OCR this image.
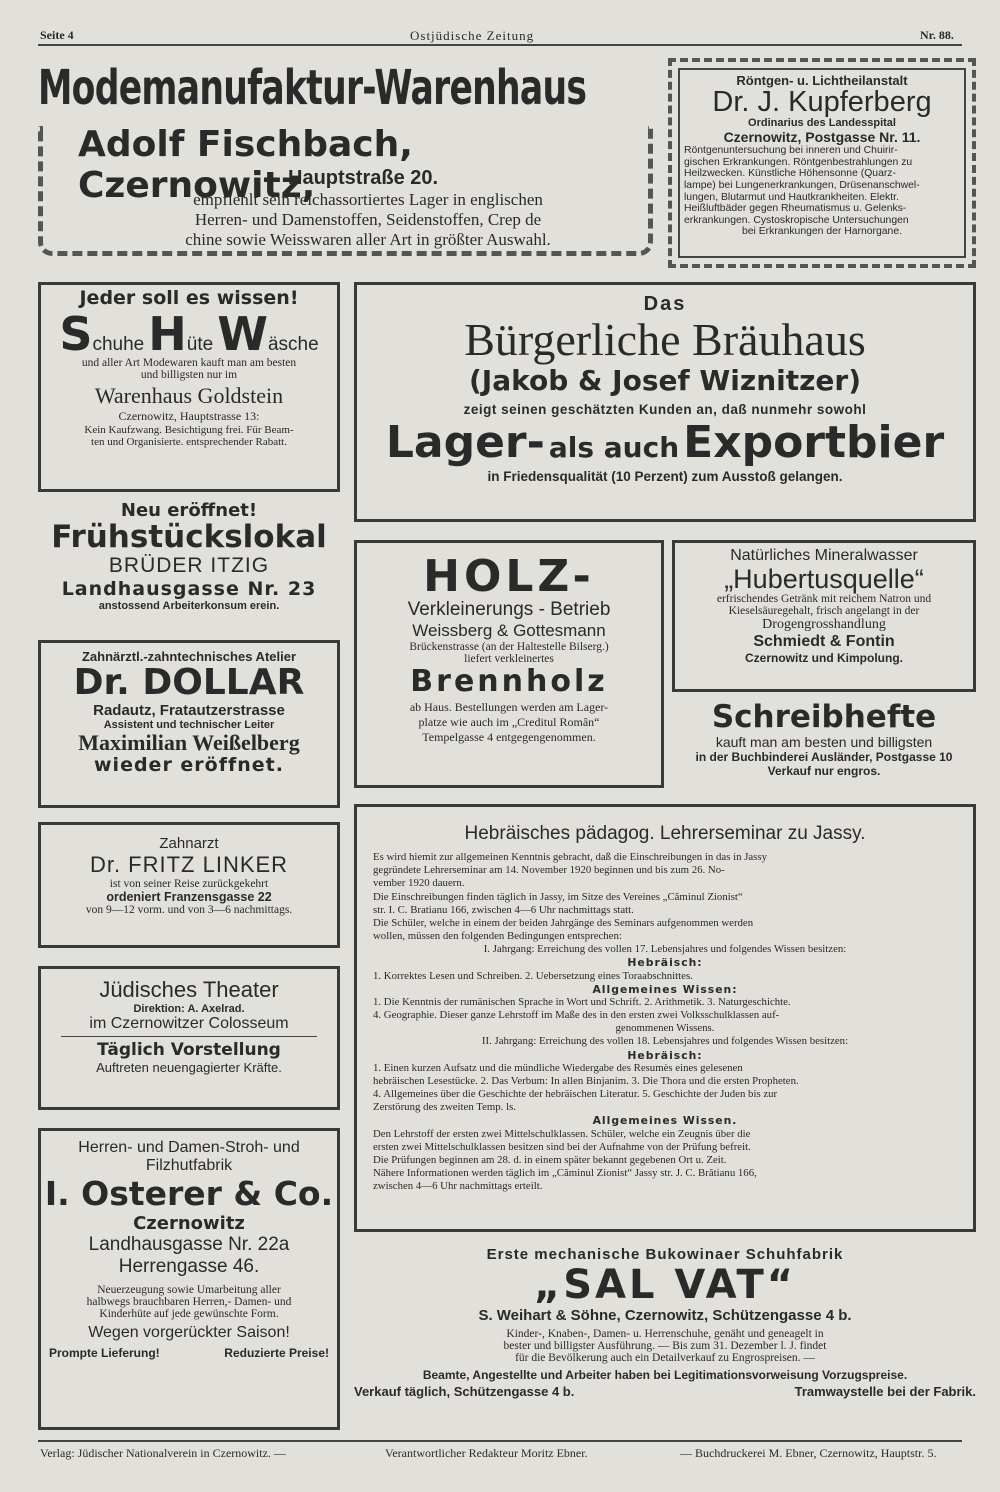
Seite 4	Ostjüdische Zeitung	Nr. 88.
Modemanufaktur-Warenhaus
Adolf Fischbach, Czernowitz,
Hauptstraße 20.
empfiehlt sein reichassortiertes Lager in englischen
Herren- und Damenstoffen, Seidenstoffen, Crep de
chine sowie Weisswaren aller Art in größter Auswahl.
Röntgen- u. Lichtheilanstalt
Dr. J. Kupferberg
Ordinarius des Landesspital
Czernowitz, Postgasse Nr. 11.
Röntgenuntersuchung bei inneren und Chuirir-
gischen Erkrankungen. Röntgenbestrahlungen zu
Heilzwecken. Künstliche Höhensonne (Quarz-
lampe) bei Lungenerkrankungen, Drüsenanschwel-
lungen, Blutarmut und Hautkrankheiten. Elektr.
Heißluftbäder gegen Rheumatismus u. Gelenks-
erkrankungen. Cystoskropische Untersuchungen
bei Erkrankungen der Harnorgane.
Jeder soll es wissen!
Schuhe Hüte Wäsche
und aller Art Modewaren kauft man am besten
und billigsten nur im
Warenhaus Goldstein
Czernowitz, Hauptstrasse 13:
Kein Kaufzwang. Besichtigung frei. Für Beam-
ten und Organisierte. entsprechender Rabatt.
Das
Bürgerliche Bräuhaus
(Jakob & Josef Wiznitzer)
zeigt seinen geschätzten Kunden an, daß nunmehr sowohl
Lager- als auch Exportbier
in Friedensqualität (10 Perzent) zum Ausstoß gelangen.
Neu eröffnet!
Frühstückslokal
BRÜDER ITZIG
Landhausgasse Nr. 23
anstossend Arbeiterkonsum erein.
Zahnärztl.-zahntechnisches Atelier
Dr. DOLLAR
Radautz, Fratautzerstrasse
Assistent und technischer Leiter
Maximilian Weißelberg
wieder eröffnet.
HOLZ-
Verkleinerungs - Betrieb
Weissberg & Gottesmann
Brückenstrasse (an der Haltestelle Bilserg.)
liefert verkleinertes
Brennholz
ab Haus. Bestellungen werden am Lager-
platze wie auch im „Creditul Român“
Tempelgasse 4 entgegengenommen.
Natürliches Mineralwasser
„Hubertusquelle“
erfrischendes Getränk mit reichem Natron und
Kieselsäuregehalt, frisch angelangt in der
Drogengrosshandlung
Schmiedt & Fontin
Czernowitz und Kimpolung.
Schreibhefte
kauft man am besten und billigsten
in der Buchbinderei Ausländer, Postgasse 10
Verkauf nur engros.
Zahnarzt
Dr. FRITZ LINKER
ist von seiner Reise zurückgekehrt
ordeniert Franzensgasse 22
von 9—12 vorm. und von 3—6 nachmittags.
Hebräisches pädagog. Lehrerseminar zu Jassy.
Es wird hiemit zur allgemeinen Kenntnis gebracht, daß die Einschreibungen in das in Jassy
gegründete Lehrerseminar am 14. November 1920 beginnen und bis zum 26. No-
vember 1920 dauern.
Die Einschreibungen finden täglich in Jassy, im Sitze des Vereines „Căminul Zionist“
str. I. C. Bratianu 166, zwischen 4—6 Uhr nachmittags statt.
Die Schüler, welche in einem der beiden Jahrgänge des Seminars aufgenommen werden
wollen, müssen den folgenden Bedingungen entsprechen:
I. Jahrgang: Erreichung des vollen 17. Lebensjahres und folgendes Wissen besitzen:
Hebräisch:
1. Korrektes Lesen und Schreiben. 2. Uebersetzung eines Toraabschnittes.
Allgemeines Wissen:
1. Die Kenntnis der rumänischen Sprache in Wort und Schrift. 2. Arithmetik. 3. Naturgeschichte.
4. Geographie. Dieser ganze Lehrstoff im Maße des in den ersten zwei Volksschulklassen auf-
genommenen Wissens.
II. Jahrgang: Erreichung des vollen 18. Lebensjahres und folgendes Wissen besitzen:
Hebräisch:
1. Einen kurzen Aufsatz und die mündliche Wiedergabe des Resumès eines gelesenen
hebräischen Lesestücke. 2. Das Verbum: In allen Binjanim. 3. Die Thora und die ersten Propheten.
4. Allgemeines über die Geschichte der hebräischen Literatur. 5. Geschichte der Juden bis zur
Zerstörung des zweiten Temp. ls.
Allgemeines Wissen.
Den Lehrstoff der ersten zwei Mittelschulklassen. Schüler, welche ein Zeugnis über die
ersten zwei Mittelschulklassen besitzen sind bei der Aufnahme von der Prüfung befreit.
Die Prüfungen beginnen am 28. d. in einem später bekannt gegebenen Ort u. Zeit.
Nähere Informationen werden täglich im „Căminul Zionist“ Jassy str. J. C. Brătianu 166,
zwischen 4—6 Uhr nachmittags erteilt.
Jüdisches Theater
Direktion: A. Axelrad.
im Czernowitzer Colosseum
Täglich Vorstellung
Auftreten neuengagierter Kräfte.
Herren- und Damen-Stroh- und
Filzhutfabrik
I. Osterer & Co.
Czernowitz
Landhausgasse Nr. 22a
Herrengasse 46.
Neuerzeugung sowie Umarbeitung aller
halbwegs brauchbaren Herren,- Damen- und
Kinderhüte auf jede gewünschte Form.
Wegen vorgerückter Saison!
Prompte Lieferung!	Reduzierte Preise!
Erste mechanische Bukowinaer Schuhfabrik
„SAL VAT“
S. Weihart & Söhne, Czernowitz, Schützengasse 4 b.
Kinder-, Knaben-, Damen- u. Herrenschuhe, genäht und geneagelt in
bester und billigster Ausführung. — Bis zum 31. Dezember l. J. findet
für die Bevölkerung auch ein Detailverkauf zu Engrospreisen. —
Beamte, Angestellte und Arbeiter haben bei Legitimationsvorweisung Vorzugspreise.
Verkauf täglich, Schützengasse 4 b.	Tramwaystelle bei der Fabrik.
Verlag: Jüdischer Nationalverein in Czernowitz. —	Verantwortlicher Redakteur Moritz Ebner.	— Buchdruckerei M. Ebner, Czernowitz, Hauptstr. 5.
